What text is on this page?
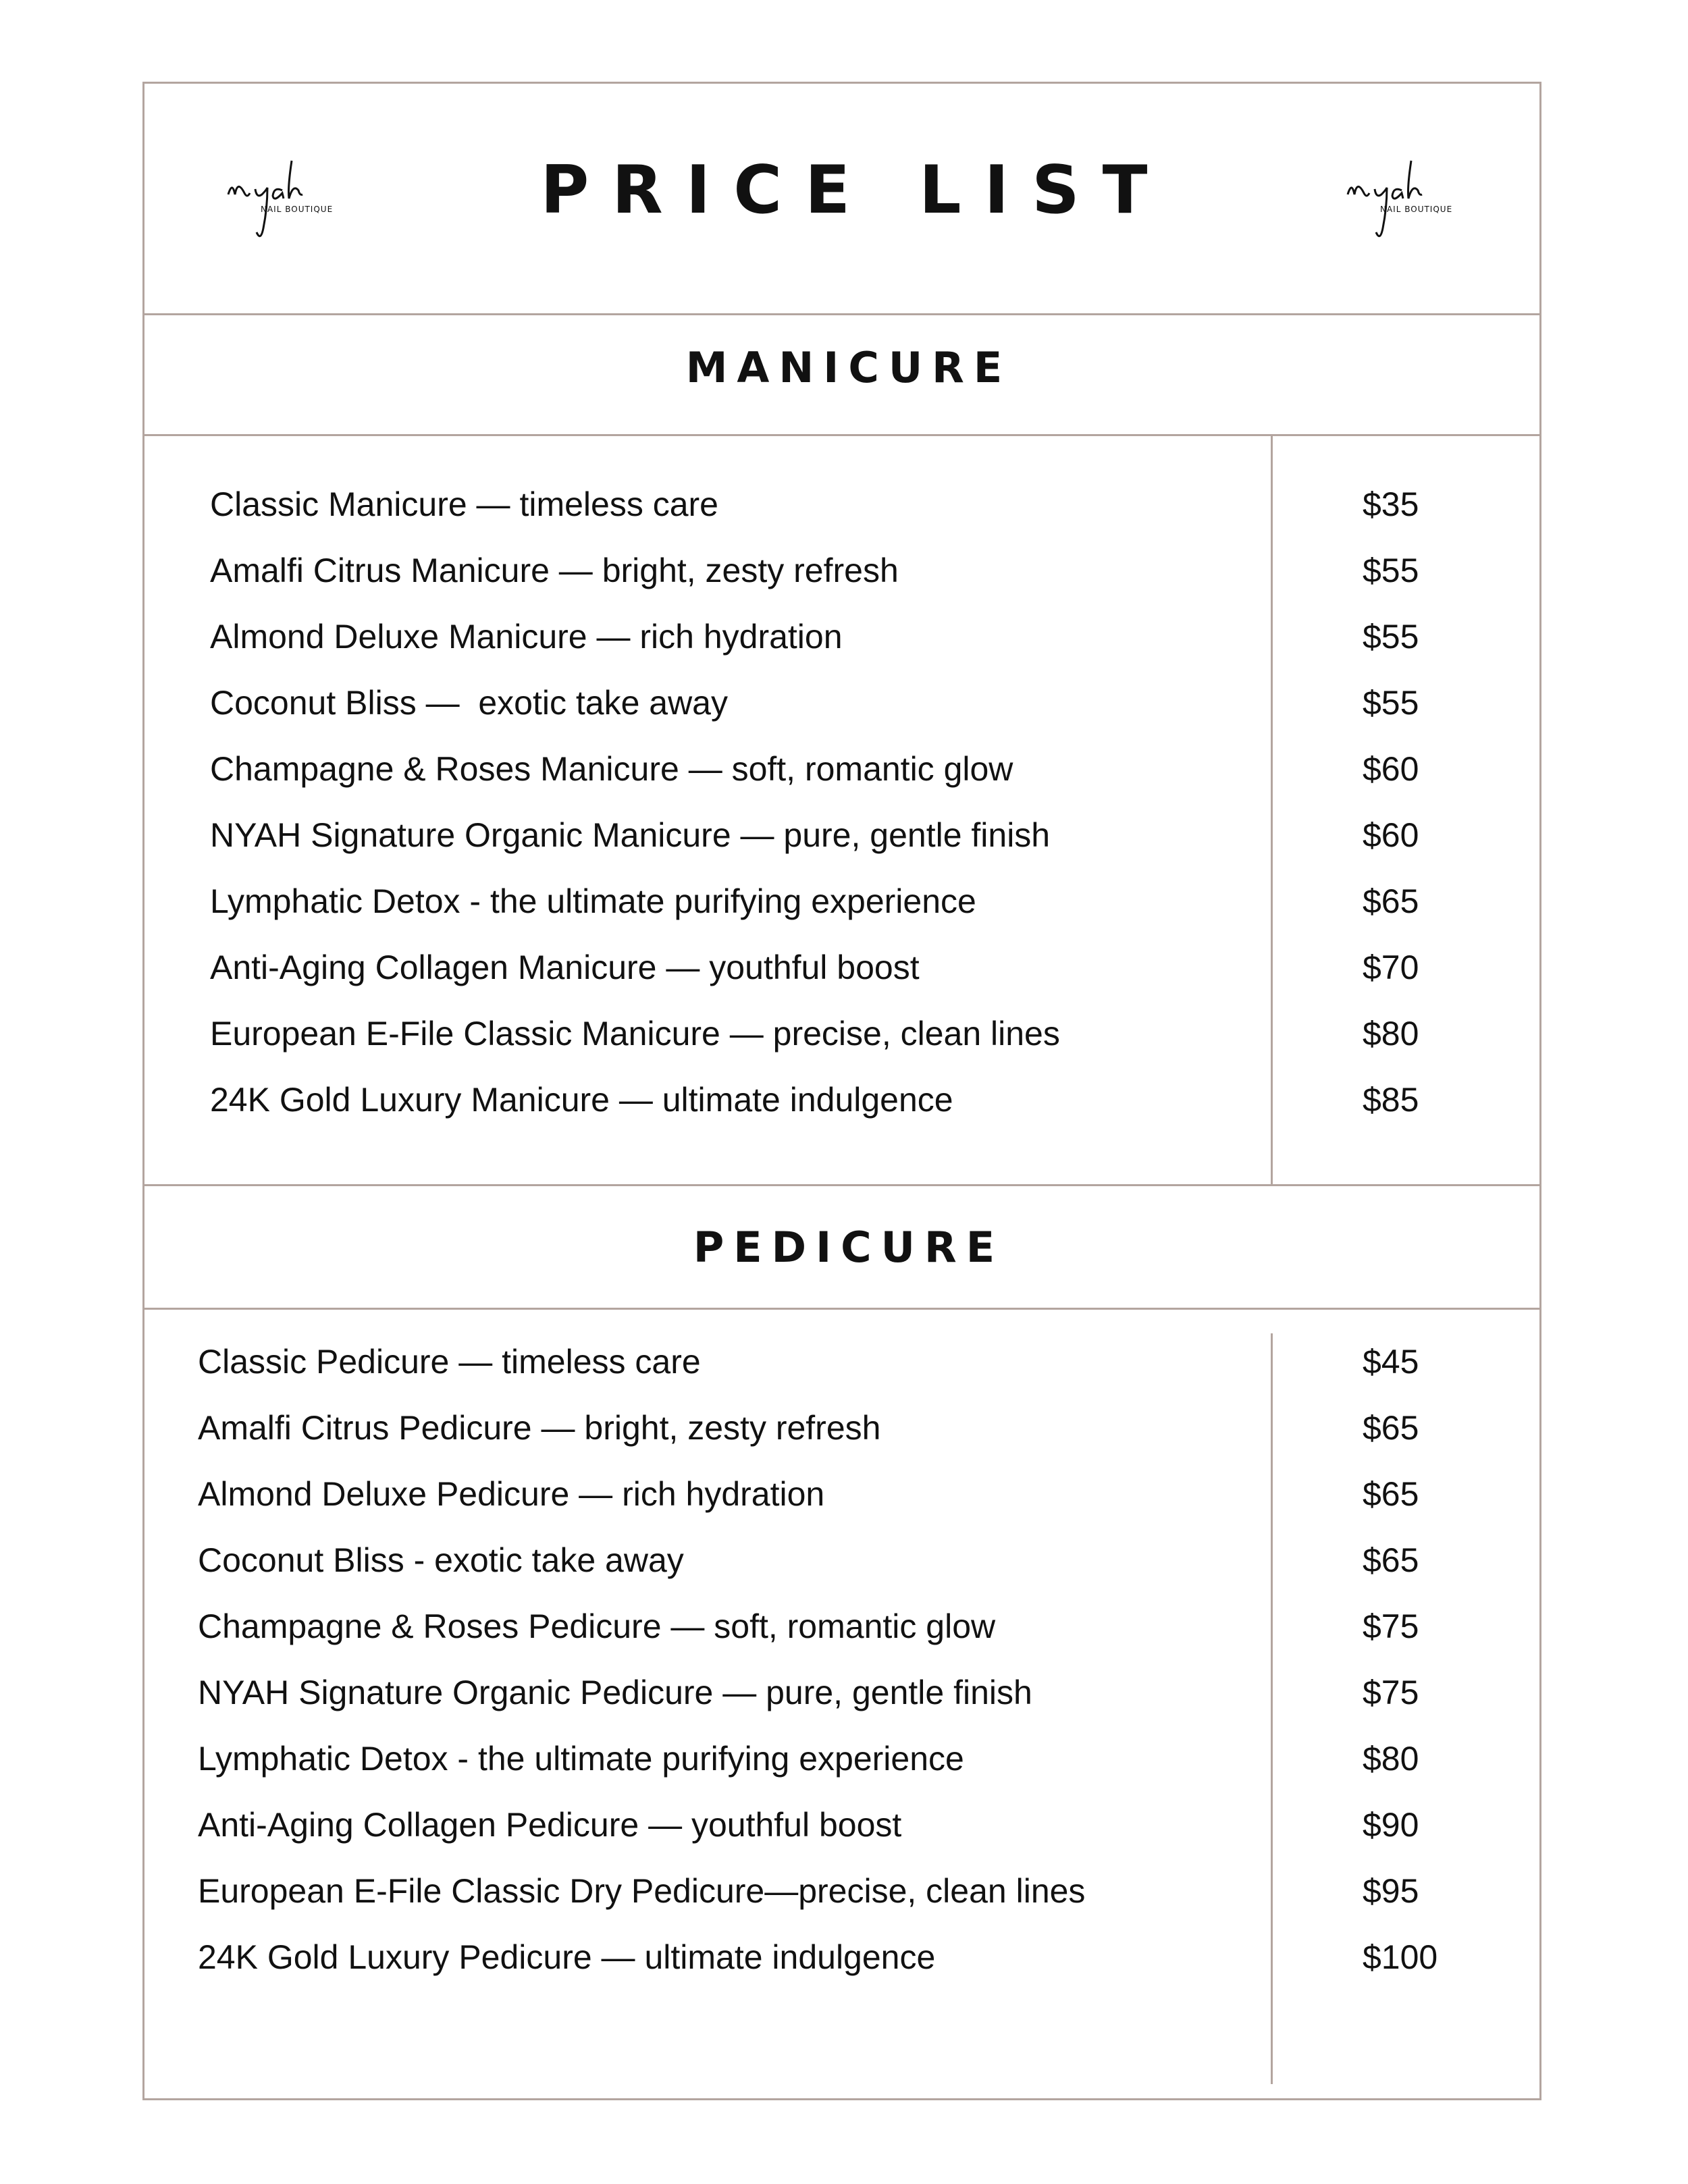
NAIL BOUTIQUE	NAIL BOUTIQUE
PRICE LIST
MANICURE
PEDICURE
Classic Manicure — timeless care	$35
Amalfi Citrus Manicure — bright, zesty refresh	$55
Almond Deluxe Manicure — rich hydration	$55
Coconut Bliss —  exotic take away	$55
Champagne & Roses Manicure — soft, romantic glow	$60
NYAH Signature Organic Manicure — pure, gentle finish	$60
Lymphatic Detox - the ultimate purifying experience	$65
Anti-Aging Collagen Manicure — youthful boost	$70
European E-File Classic Manicure — precise, clean lines	$80
24K Gold Luxury Manicure — ultimate indulgence	$85
Classic Pedicure — timeless care	$45
Amalfi Citrus Pedicure — bright, zesty refresh	$65
Almond Deluxe Pedicure — rich hydration	$65
Coconut Bliss - exotic take away	$65
Champagne & Roses Pedicure — soft, romantic glow	$75
NYAH Signature Organic Pedicure — pure, gentle finish	$75
Lymphatic Detox - the ultimate purifying experience	$80
Anti-Aging Collagen Pedicure — youthful boost	$90
European E-File Classic Dry Pedicure—precise, clean lines	$95
24K Gold Luxury Pedicure — ultimate indulgence	$100
